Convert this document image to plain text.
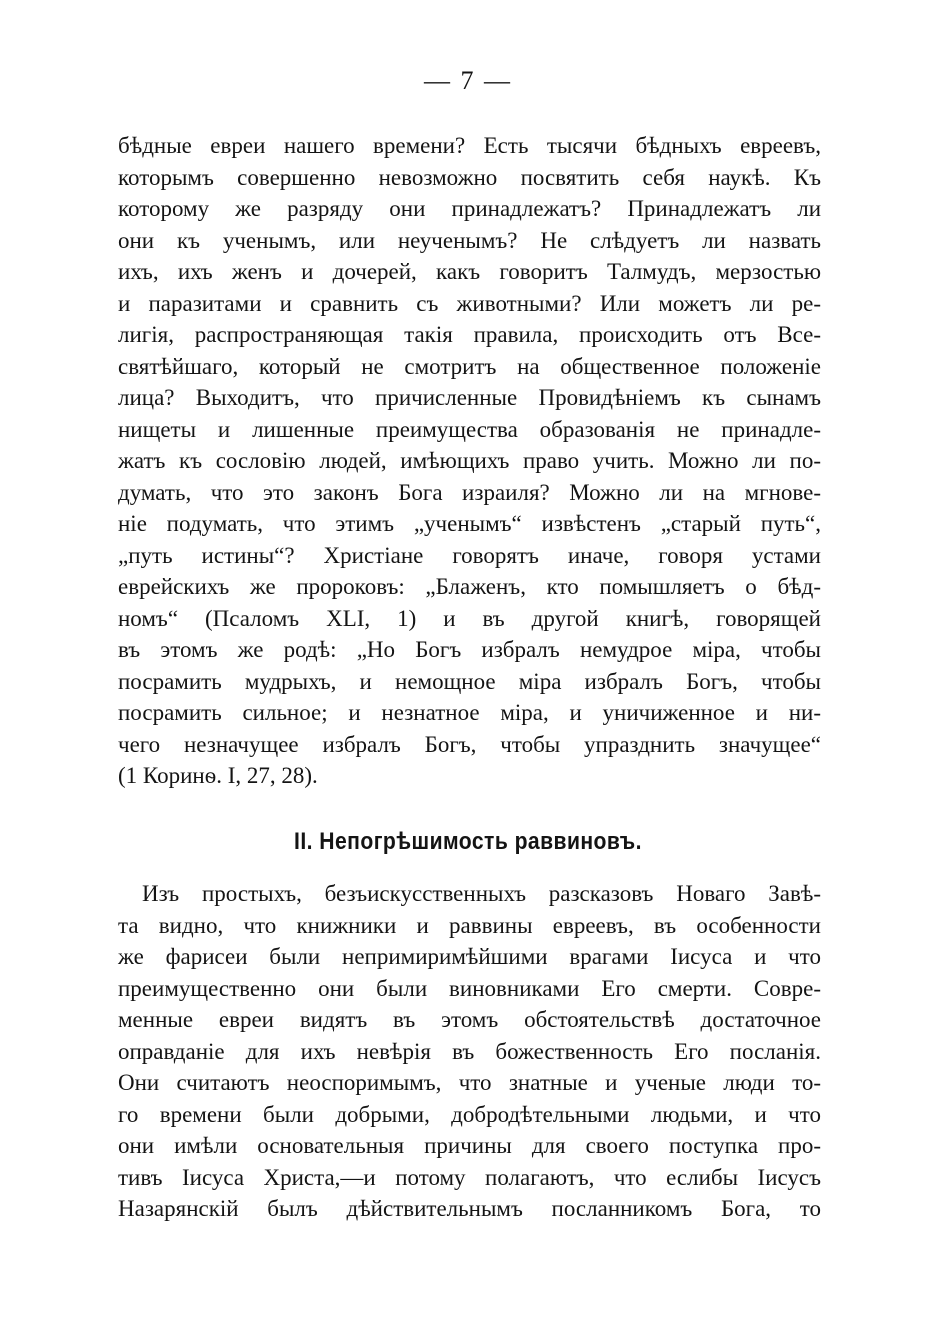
— 7 —
бѣдные евреи нашего времени? Есть тысячи бѣдныхъ евреевъ,
которымъ совершенно невозможно посвятить себя наукѣ. Къ
которому же разряду они принадлежатъ? Принадлежатъ ли
они къ ученымъ, или неученымъ? Не слѣдуетъ ли назвать
ихъ, ихъ женъ и дочерей, какъ говоритъ Талмудъ, мерзостью
и паразитами и сравнить съ животными? Или можетъ ли ре-
лигія, распространяющая такія правила, происходить отъ Все-
святѣйшаго, который не смотритъ на общественное положеніе
лица? Выходитъ, что причисленные Провидѣніемъ къ сынамъ
нищеты и лишенные преимущества образованія не принадле-
жатъ къ сословію людей, имѣющихъ право учить. Можно ли по-
думать, что это законъ Бога израиля? Можно ли на мгнове-
ніе подумать, что этимъ „ученымъ“ извѣстенъ „старый путь“,
„путь истины“? Христіане говорятъ иначе, говоря устами
еврейскихъ же пророковъ: „Блаженъ, кто помышляетъ о бѣд-
номъ“ (Псаломъ XLI, 1) и въ другой книгѣ, говорящей
въ этомъ же родѣ: „Но Богъ избралъ немудрое міра, чтобы
посрамить мудрыхъ, и немощное міра избралъ Богъ, чтобы
посрамить сильное; и незнатное міра, и уничиженное и ни-
чего незначущее избралъ Богъ, чтобы упразднить значущее“
(1 Коринѳ. I, 27, 28).
II. Непогрѣшимость раввиновъ.
Изъ простыхъ, безъискусственныхъ разсказовъ Новаго Завѣ-
та видно, что книжники и раввины евреевъ, въ особенности
же фарисеи были непримиримѣйшими врагами Іисуса и что
преимущественно они были виновниками Его смерти. Совре-
менные евреи видятъ въ этомъ обстоятельствѣ достаточное
оправданіе для ихъ невѣрія въ божественность Его посланія.
Они считаютъ неоспоримымъ, что знатные и ученые люди то-
го времени были добрыми, добродѣтельными людьми, и что
они имѣли основательныя причины для своего поступка про-
тивъ Іисуса Христа,—и потому полагаютъ, что еслибы Іисусъ
Назарянскій былъ дѣйствительнымъ посланникомъ Бога, то
